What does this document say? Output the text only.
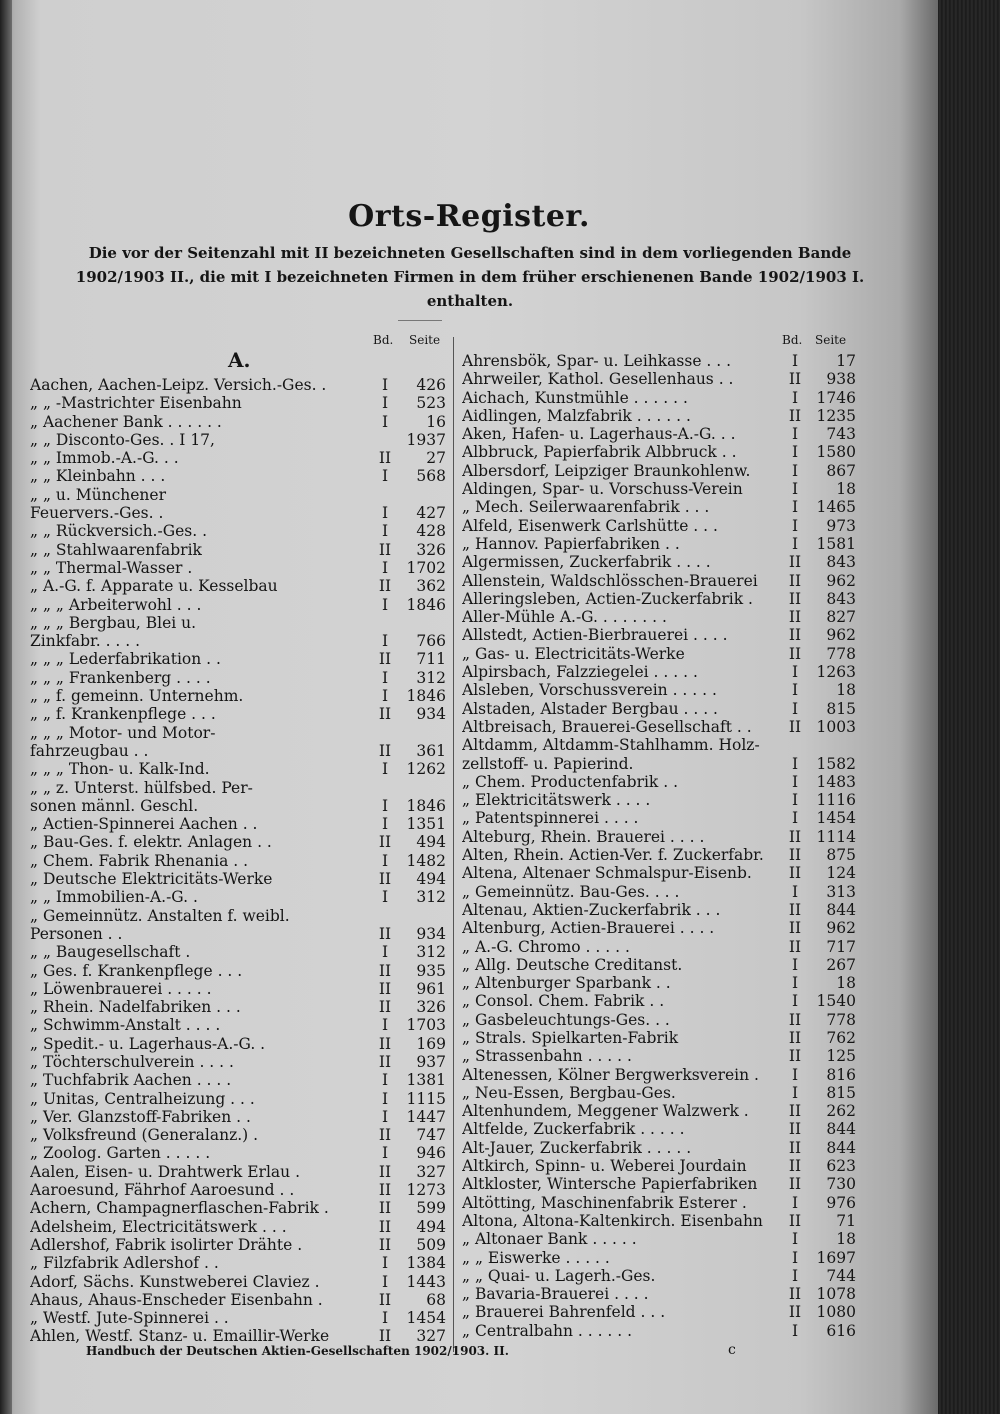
Orts-Register.
Die vor der Seitenzahl mit II bezeichneten Gesellschaften sind in dem vorliegenden Bande
1902/1903 II., die mit I bezeichneten Firmen in dem früher erschienenen Bande 1902/1903 I.
enthalten.
Bd. Seite	Bd. Seite
A.
Aachen, Aachen-Leipz. Versich.-Ges. .	I	426
„ „ -Mastrichter Eisenbahn	I	523
„ Aachener Bank . . . . . .	I	16
„ „ Disconto-Ges. . I 17,	1937
„ „ Immob.-A.-G. . .	II	27
„ „ Kleinbahn . . .	I	568
„ „ u. Münchener
Feuervers.-Ges. .	I	427
„ „ Rückversich.-Ges. .	I	428
„ „ Stahlwaarenfabrik	II	326
„ „ Thermal-Wasser .	I	1702
„ A.-G. f. Apparate u. Kesselbau	II	362
„ „ „ Arbeiterwohl . . .	I	1846
„ „ „ Bergbau, Blei u.
Zinkfabr. . . . .	I	766
„ „ „ Lederfabrikation . .	II	711
„ „ „ Frankenberg . . . .	I	312
„ „ f. gemeinn. Unternehm.	I	1846
„ „ f. Krankenpflege . . .	II	934
„ „ „ Motor- und Motor-
fahrzeugbau . .	II	361
„ „ „ Thon- u. Kalk-Ind.	I	1262
„ „ z. Unterst. hülfsbed. Per-
sonen männl. Geschl.	I	1846
„ Actien-Spinnerei Aachen . .	I	1351
„ Bau-Ges. f. elektr. Anlagen . .	II	494
„ Chem. Fabrik Rhenania . .	I	1482
„ Deutsche Elektricitäts-Werke	II	494
„ „ Immobilien-A.-G. .	I	312
„ Gemeinnütz. Anstalten f. weibl.
Personen . .	II	934
„ „ Baugesellschaft .	I	312
„ Ges. f. Krankenpflege . . .	II	935
„ Löwenbrauerei . . . . .	II	961
„ Rhein. Nadelfabriken . . .	II	326
„ Schwimm-Anstalt . . . .	I	1703
„ Spedit.- u. Lagerhaus-A.-G. .	II	169
„ Töchterschulverein . . . .	II	937
„ Tuchfabrik Aachen . . . .	I	1381
„ Unitas, Centralheizung . . .	I	1115
„ Ver. Glanzstoff-Fabriken . .	I	1447
„ Volksfreund (Generalanz.) .	II	747
„ Zoolog. Garten . . . . .	I	946
Aalen, Eisen- u. Drahtwerk Erlau .	II	327
Aaroesund, Fährhof Aaroesund . .	II 1273
Achern, Champagnerflaschen-Fabrik .	II	599
Adelsheim, Electricitätswerk . . .	II	494
Adlershof, Fabrik isolirter Drähte .	II	509
„ Filzfabrik Adlershof . .	I	1384
Adorf, Sächs. Kunstweberei Claviez .	I	1443
Ahaus, Ahaus-Enscheder Eisenbahn .	II	68
„ Westf. Jute-Spinnerei . .	I	1454
Ahlen, Westf. Stanz- u. Emaillir-Werke	II	327
Ahrensbök, Spar- u. Leihkasse . . .	I	17
Ahrweiler, Kathol. Gesellenhaus . .	II	938
Aichach, Kunstmühle . . . . . .	I	1746
Aidlingen, Malzfabrik . . . . . .	II 1235
Aken, Hafen- u. Lagerhaus-A.-G. . .	I	743
Albbruck, Papierfabrik Albbruck . .	I	1580
Albersdorf, Leipziger Braunkohlenw.	I	867
Aldingen, Spar- u. Vorschuss-Verein	I	18
„ Mech. Seilerwaarenfabrik . . .	I	1465
Alfeld, Eisenwerk Carlshütte . . .	I	973
„ Hannov. Papierfabriken . .	I	1581
Algermissen, Zuckerfabrik . . . .	II	843
Allenstein, Waldschlösschen-Brauerei	II	962
Alleringsleben, Actien-Zuckerfabrik .	II	843
Aller-Mühle A.-G. . . . . . . .	II	827
Allstedt, Actien-Bierbrauerei . . . .	II	962
„ Gas- u. Electricitäts-Werke	II	778
Alpirsbach, Falzziegelei . . . . .	I	1263
Alsleben, Vorschussverein . . . . .	I	18
Alstaden, Alstader Bergbau . . . .	I	815
Altbreisach, Brauerei-Gesellschaft . .	II 1003
Altdamm, Altdamm-Stahlhamm. Holz-
zellstoff- u. Papierind.	I	1582
„ Chem. Productenfabrik . .	I	1483
„ Elektricitätswerk . . . .	I	1116
„ Patentspinnerei . . . .	I	1454
Alteburg, Rhein. Brauerei . . . .	II 1114
Alten, Rhein. Actien-Ver. f. Zuckerfabr.	II	875
Altena, Altenaer Schmalspur-Eisenb.	II	124
„ Gemeinnütz. Bau-Ges. . . .	I	313
Altenau, Aktien-Zuckerfabrik . . .	II	844
Altenburg, Actien-Brauerei . . . .	II	962
„ A.-G. Chromo . . . . .	II	717
„ Allg. Deutsche Creditanst.	I	267
„ Altenburger Sparbank . .	I	18
„ Consol. Chem. Fabrik . .	I	1540
„ Gasbeleuchtungs-Ges. . .	II	778
„ Strals. Spielkarten-Fabrik	II	762
„ Strassenbahn . . . . .	II	125
Altenessen, Kölner Bergwerksverein .	I	816
„ Neu-Essen, Bergbau-Ges.	I	815
Altenhundem, Meggener Walzwerk .	II	262
Altfelde, Zuckerfabrik . . . . .	II	844
Alt-Jauer, Zuckerfabrik . . . . .	II	844
Altkirch, Spinn- u. Weberei Jourdain	II	623
Altkloster, Wintersche Papierfabriken	II	730
Altötting, Maschinenfabrik Esterer .	I	976
Altona, Altona-Kaltenkirch. Eisenbahn	II	71
„ Altonaer Bank . . . . .	I	18
„ „ Eiswerke . . . . .	I	1697
„ „ Quai- u. Lagerh.-Ges.	I	744
„ Bavaria-Brauerei . . . .	II 1078
„ Brauerei Bahrenfeld . . .	II 1080
„ Centralbahn . . . . . .	I	616
Handbuch der Deutschen Aktien-Gesellschaften 1902/1903. II.	c
